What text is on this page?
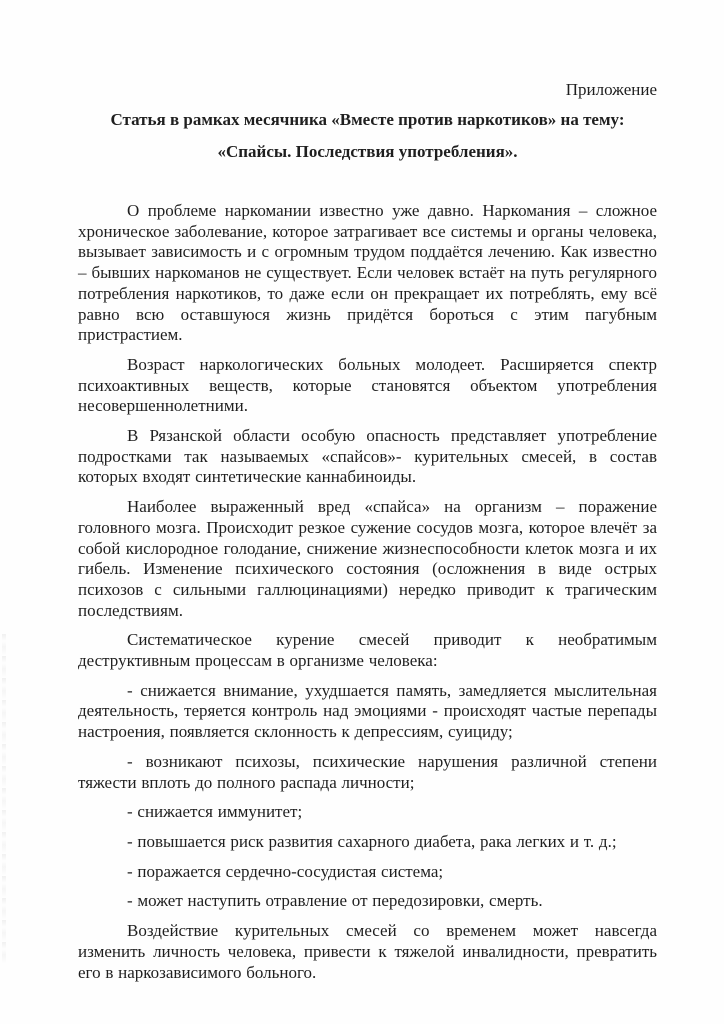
Приложение
Статья в рамках месячника «Вместе против наркотиков» на тему:
«Спайсы. Последствия употребления».

О проблеме наркомании известно уже давно. Наркомания – сложное хроническое заболевание, которое затрагивает все системы и органы человека, вызывает зависимость и с огромным трудом поддаётся лечению. Как известно – бывших наркоманов не существует. Если человек встаёт на путь регулярного потребления наркотиков, то даже если он прекращает их потреблять, ему всё равно всю оставшуюся жизнь придётся бороться с этим пагубным пристрастием.

Возраст наркологических больных молодеет. Расширяется спектр психоактивных веществ, которые становятся объектом употребления несовершеннолетними.

В Рязанской области особую опасность представляет употребление подростками так называемых «спайсов»- курительных смесей, в состав которых входят синтетические каннабиноиды.

Наиболее выраженный вред «спайса» на организм – поражение головного мозга. Происходит резкое сужение сосудов мозга, которое влечёт за собой кислородное голодание, снижение жизнеспособности клеток мозга и их гибель. Изменение психического состояния (осложнения в виде острых психозов с сильными галлюцинациями) нередко приводит к трагическим последствиям.

Систематическое курение смесей приводит к необратимым деструктивным процессам в организме человека:

- снижается внимание, ухудшается память, замедляется мыслительная деятельность, теряется контроль над эмоциями - происходят частые перепады настроения, появляется склонность к депрессиям, суициду;

- возникают психозы, психические нарушения различной степени тяжести вплоть до полного распада личности;

- снижается иммунитет;

- повышается риск развития сахарного диабета, рака легких и т. д.;

- поражается сердечно-сосудистая система;

- может наступить отравление от передозировки, смерть.

Воздействие курительных смесей со временем может навсегда изменить личность человека, привести к тяжелой инвалидности, превратить его в наркозависимого больного.
